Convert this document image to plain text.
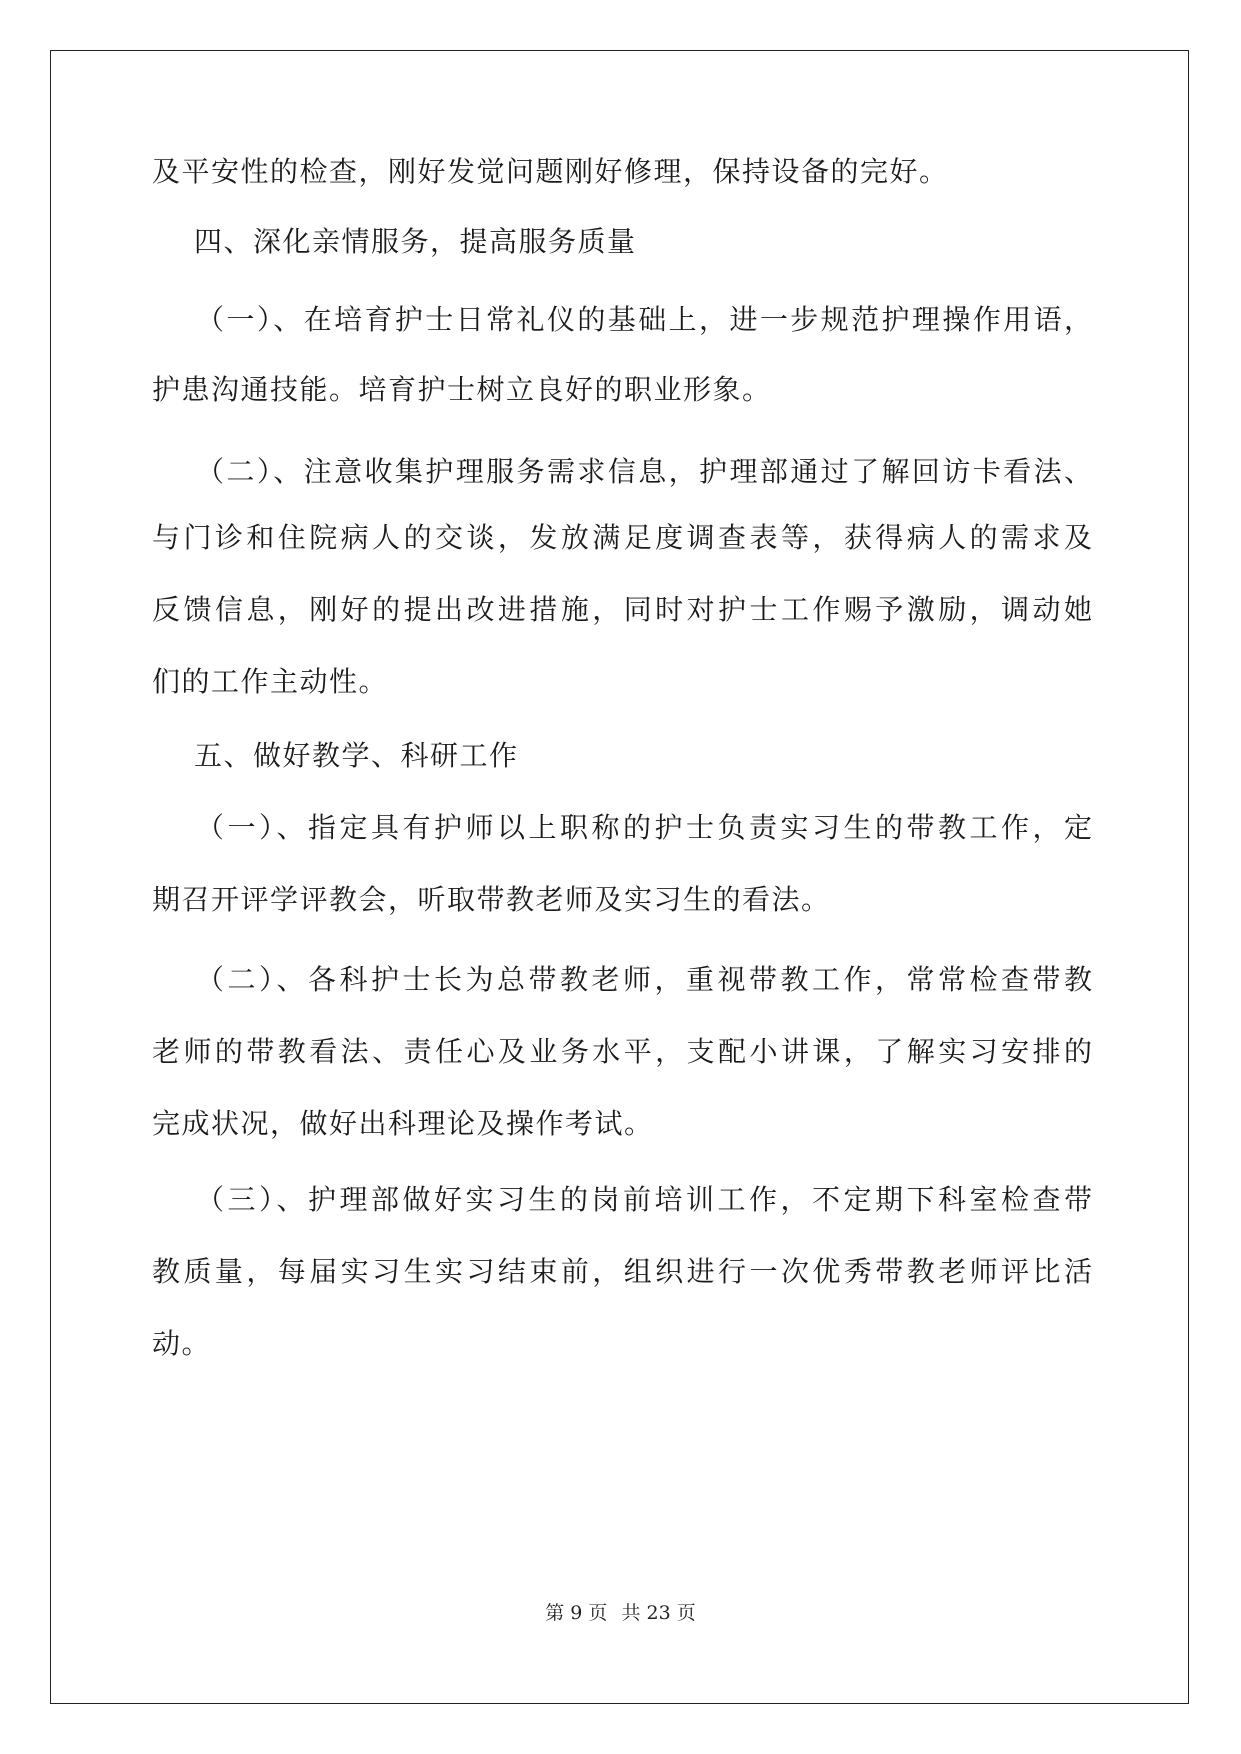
及平安性的检查，刚好发觉问题刚好修理，保持设备的完好。
四、深化亲情服务，提高服务质量
（一）、在培育护士日常礼仪的基础上，进一步规范护理操作用语，
护患沟通技能。培育护士树立良好的职业形象。
（二）、注意收集护理服务需求信息，护理部通过了解回访卡看法、
与门诊和住院病人的交谈，发放满足度调查表等，获得病人的需求及
反馈信息，刚好的提出改进措施，同时对护士工作赐予激励，调动她
们的工作主动性。
五、做好教学、科研工作
（一）、指定具有护师以上职称的护士负责实习生的带教工作，定
期召开评学评教会，听取带教老师及实习生的看法。
（二）、各科护士长为总带教老师，重视带教工作，常常检查带教
老师的带教看法、责任心及业务水平，支配小讲课，了解实习安排的
完成状况，做好出科理论及操作考试。
（三）、护理部做好实习生的岗前培训工作，不定期下科室检查带
教质量，每届实习生实习结束前，组织进行一次优秀带教老师评比活
动。
第 9 页 共 23 页
